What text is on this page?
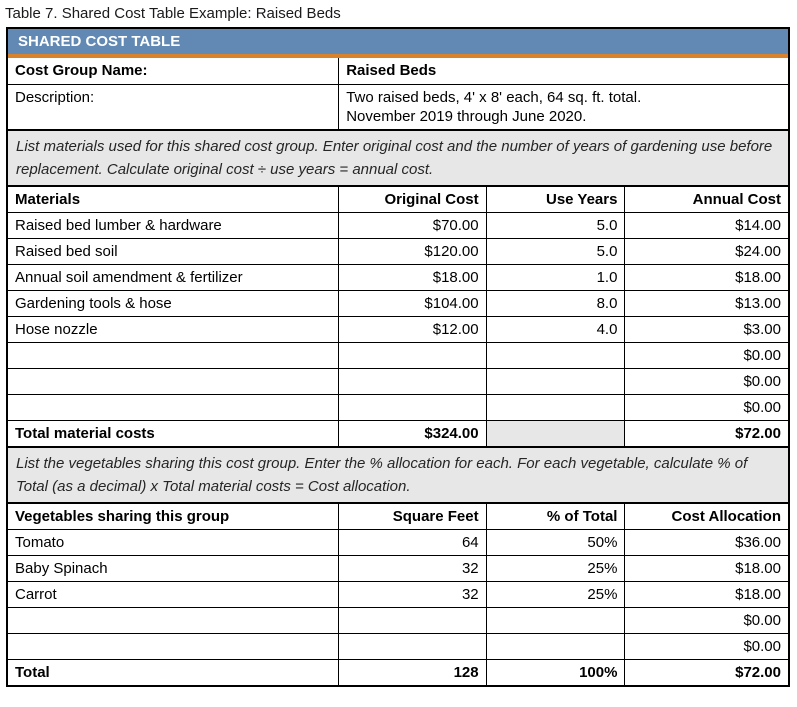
Table 7. Shared Cost Table Example: Raised Beds
SHARED COST TABLE
Cost Group Name:	Raised Beds
Description:	Two raised beds, 4' x 8' each, 64 sq. ft. total.
November 2019 through June 2020.
List materials used for this shared cost group. Enter original cost and the number of years of gardening use before replacement. Calculate original cost ÷ use years = annual cost.
Materials	Original Cost	Use Years	Annual Cost
Raised bed lumber & hardware	$70.00	5.0	$14.00
Raised bed soil	$120.00	5.0	$24.00
Annual soil amendment & fertilizer	$18.00	1.0	$18.00
Gardening tools & hose	$104.00	8.0	$13.00
Hose nozzle	$12.00	4.0	$3.00
			$0.00
			$0.00
			$0.00
Total material costs	$324.00		$72.00
List the vegetables sharing this cost group. Enter the % allocation for each. For each vegetable, calculate % of Total (as a decimal) x Total material costs = Cost allocation.
Vegetables sharing this group	Square Feet	% of Total	Cost Allocation
Tomato	64	50%	$36.00
Baby Spinach	32	25%	$18.00
Carrot	32	25%	$18.00
			$0.00
			$0.00
Total	128	100%	$72.00
